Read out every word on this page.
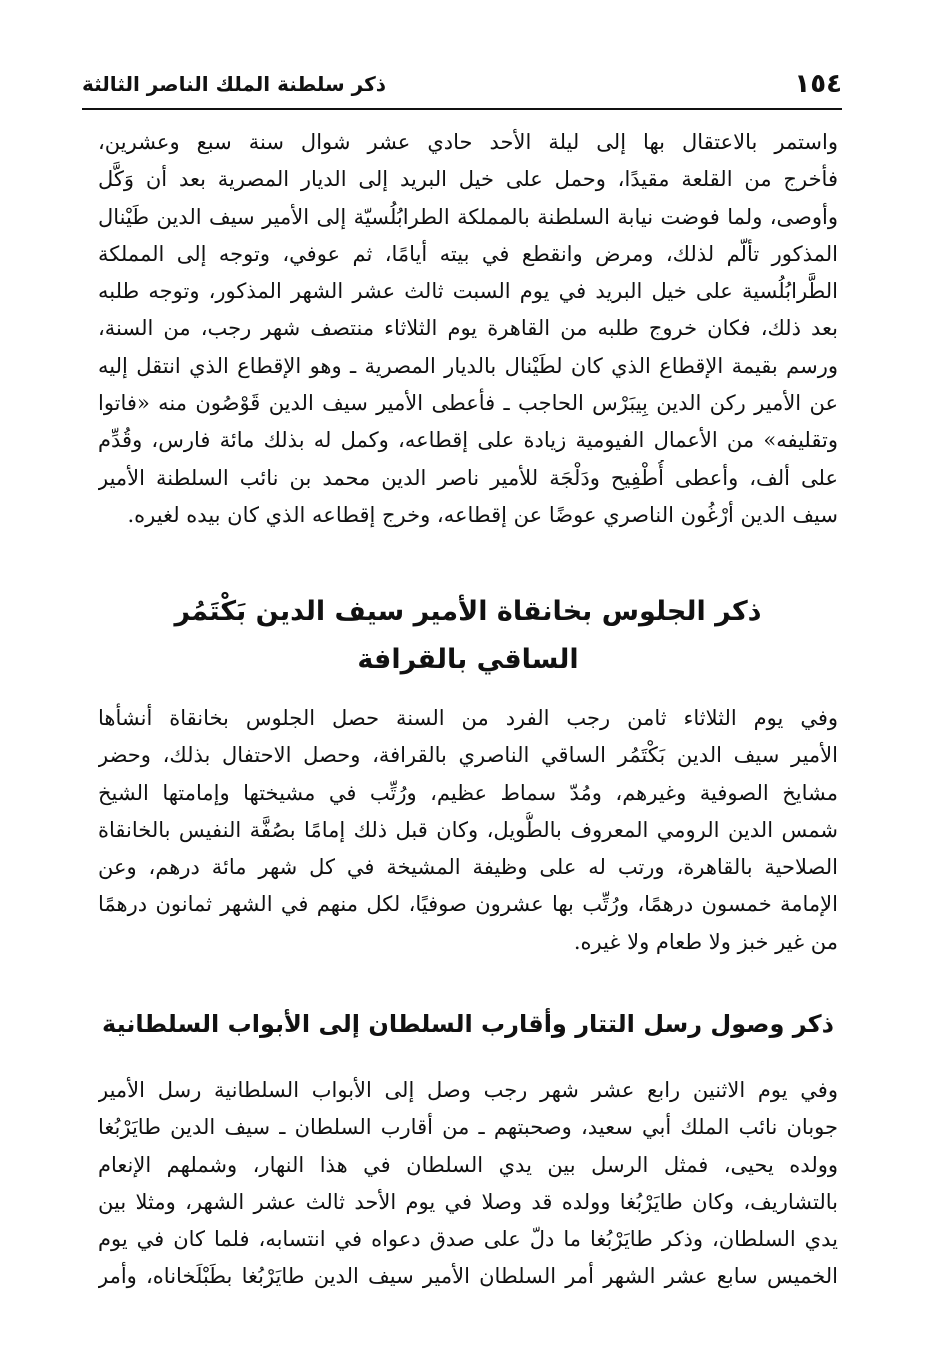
١٥٤
ذكر سلطنة الملك الناصر الثالثة
واستمر بالاعتقال بها إلى ليلة الأحد حادي عشر شوال سنة سبع وعشرين،
فأخرج من القلعة مقيدًا، وحمل على خيل البريد إلى الديار المصرية بعد أن وَكَّل
وأوصى، ولما فوضت نيابة السلطنة بالمملكة الطرابُلُسيّة إلى الأمير سيف الدين طَيْنال
المذكور تألّم لذلك، ومرض وانقطع في بيته أيامًا، ثم عوفي، وتوجه إلى المملكة
الطَّرابُلُسية على خيل البريد في يوم السبت ثالث عشر الشهر المذكور، وتوجه طلبه
بعد ذلك، فكان خروج طلبه من القاهرة يوم الثلاثاء منتصف شهر رجب، من السنة،
ورسم بقيمة الإقطاع الذي كان لطَيْنال بالديار المصرية ـ وهو الإقطاع الذي انتقل إليه
عن الأمير ركن الدين بِيبَرْس الحاجب ـ فأعطى الأمير سيف الدين قَوْصُون منه «فاتوا
وتقليفه» من الأعمال الفيومية زيادة على إقطاعه، وكمل له بذلك مائة فارس، وقُدِّم
على ألف، وأعطى أُطْفِيح ودَلْجَة للأمير ناصر الدين محمد بن نائب السلطنة الأمير
سيف الدين أرْغُون الناصري عوضًا عن إقطاعه، وخرج إقطاعه الذي كان بيده لغيره.
ذكر الجلوس بخانقاة الأمير سيف الدين بَكْتَمُر
الساقي بالقرافة
وفي يوم الثلاثاء ثامن رجب الفرد من السنة حصل الجلوس بخانقاة أنشأها
الأمير سيف الدين بَكْتَمُر الساقي الناصري بالقرافة، وحصل الاحتفال بذلك، وحضر
مشايخ الصوفية وغيرهم، ومُدّ سماط عظيم، ورُتِّب في مشيختها وإمامتها الشيخ
شمس الدين الرومي المعروف بالطُّويل، وكان قبل ذلك إمامًا بصُفَّة النفيس بالخانقاة
الصلاحية بالقاهرة، ورتب له على وظيفة المشيخة في كل شهر مائة درهم، وعن
الإمامة خمسون درهمًا، ورُتِّب بها عشرون صوفيًا، لكل منهم في الشهر ثمانون درهمًا
من غير خبز ولا طعام ولا غيره.
ذكر وصول رسل التتار وأقارب السلطان إلى الأبواب السلطانية
وفي يوم الاثنين رابع عشر شهر رجب وصل إلى الأبواب السلطانية رسل الأمير
جوبان نائب الملك أبي سعيد، وصحبتهم ـ من أقارب السلطان ـ سيف الدين طايَرْبُغا
وولده يحيى، فمثل الرسل بين يدي السلطان في هذا النهار، وشملهم الإنعام
بالتشاريف، وكان طايَرْبُغا وولده قد وصلا في يوم الأحد ثالث عشر الشهر، ومثلا بين
يدي السلطان، وذكر طايَرْبُغا ما دلّ على صدق دعواه في انتسابه، فلما كان في يوم
الخميس سابع عشر الشهر أمر السلطان الأمير سيف الدين طايَرْبُغا بطَبْلَخاناه، وأمر
